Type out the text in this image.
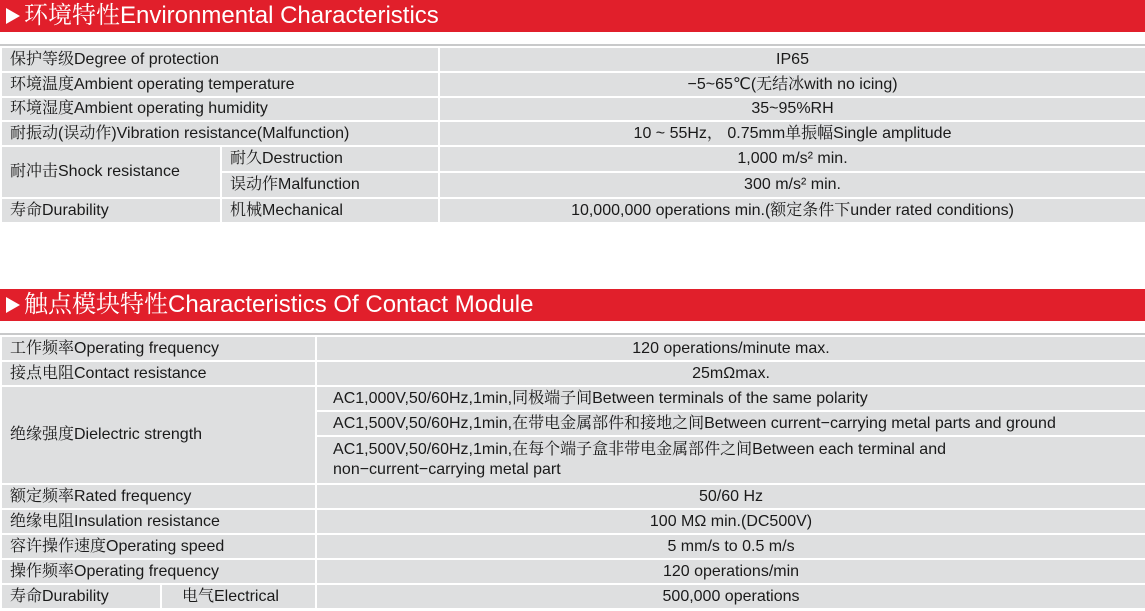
环境特性Environmental Characteristics
保护等级Degree of protection		IP65
环境温度Ambient operating temperature		−5~65℃(无结冰with no icing)
环境湿度Ambient operating humidity		35~95%RH
耐振动(误动作)Vibration resistance(Malfunction)		10 ~ 55Hz， 0.75mm单振幅Single amplitude
耐冲击Shock resistance	耐久Destruction	1,000 m/s² min.
	误动作Malfunction	300 m/s² min.
寿命Durability	机械Mechanical	10,000,000 operations min.(额定条件下under rated conditions)
触点模块特性Characteristics Of Contact Module
工作频率Operating frequency		120 operations/minute max.
接点电阻Contact resistance		25mΩmax.
绝缘强度Dielectric strength		AC1,000V,50/60Hz,1min,同极端子间Between terminals of the same polarity
		AC1,500V,50/60Hz,1min,在带电金属部件和接地之间Between current−carrying metal parts and ground
		AC1,500V,50/60Hz,1min,在每个端子盒非带电金属部件之间Between each terminal and non−current−carrying metal part
额定频率Rated frequency		50/60 Hz
绝缘电阻Insulation resistance		100 MΩ min.(DC500V)
容许操作速度Operating speed		5 mm/s to 0.5 m/s
操作频率Operating frequency		120 operations/min
寿命Durability	电气Electrical	500,000 operations
